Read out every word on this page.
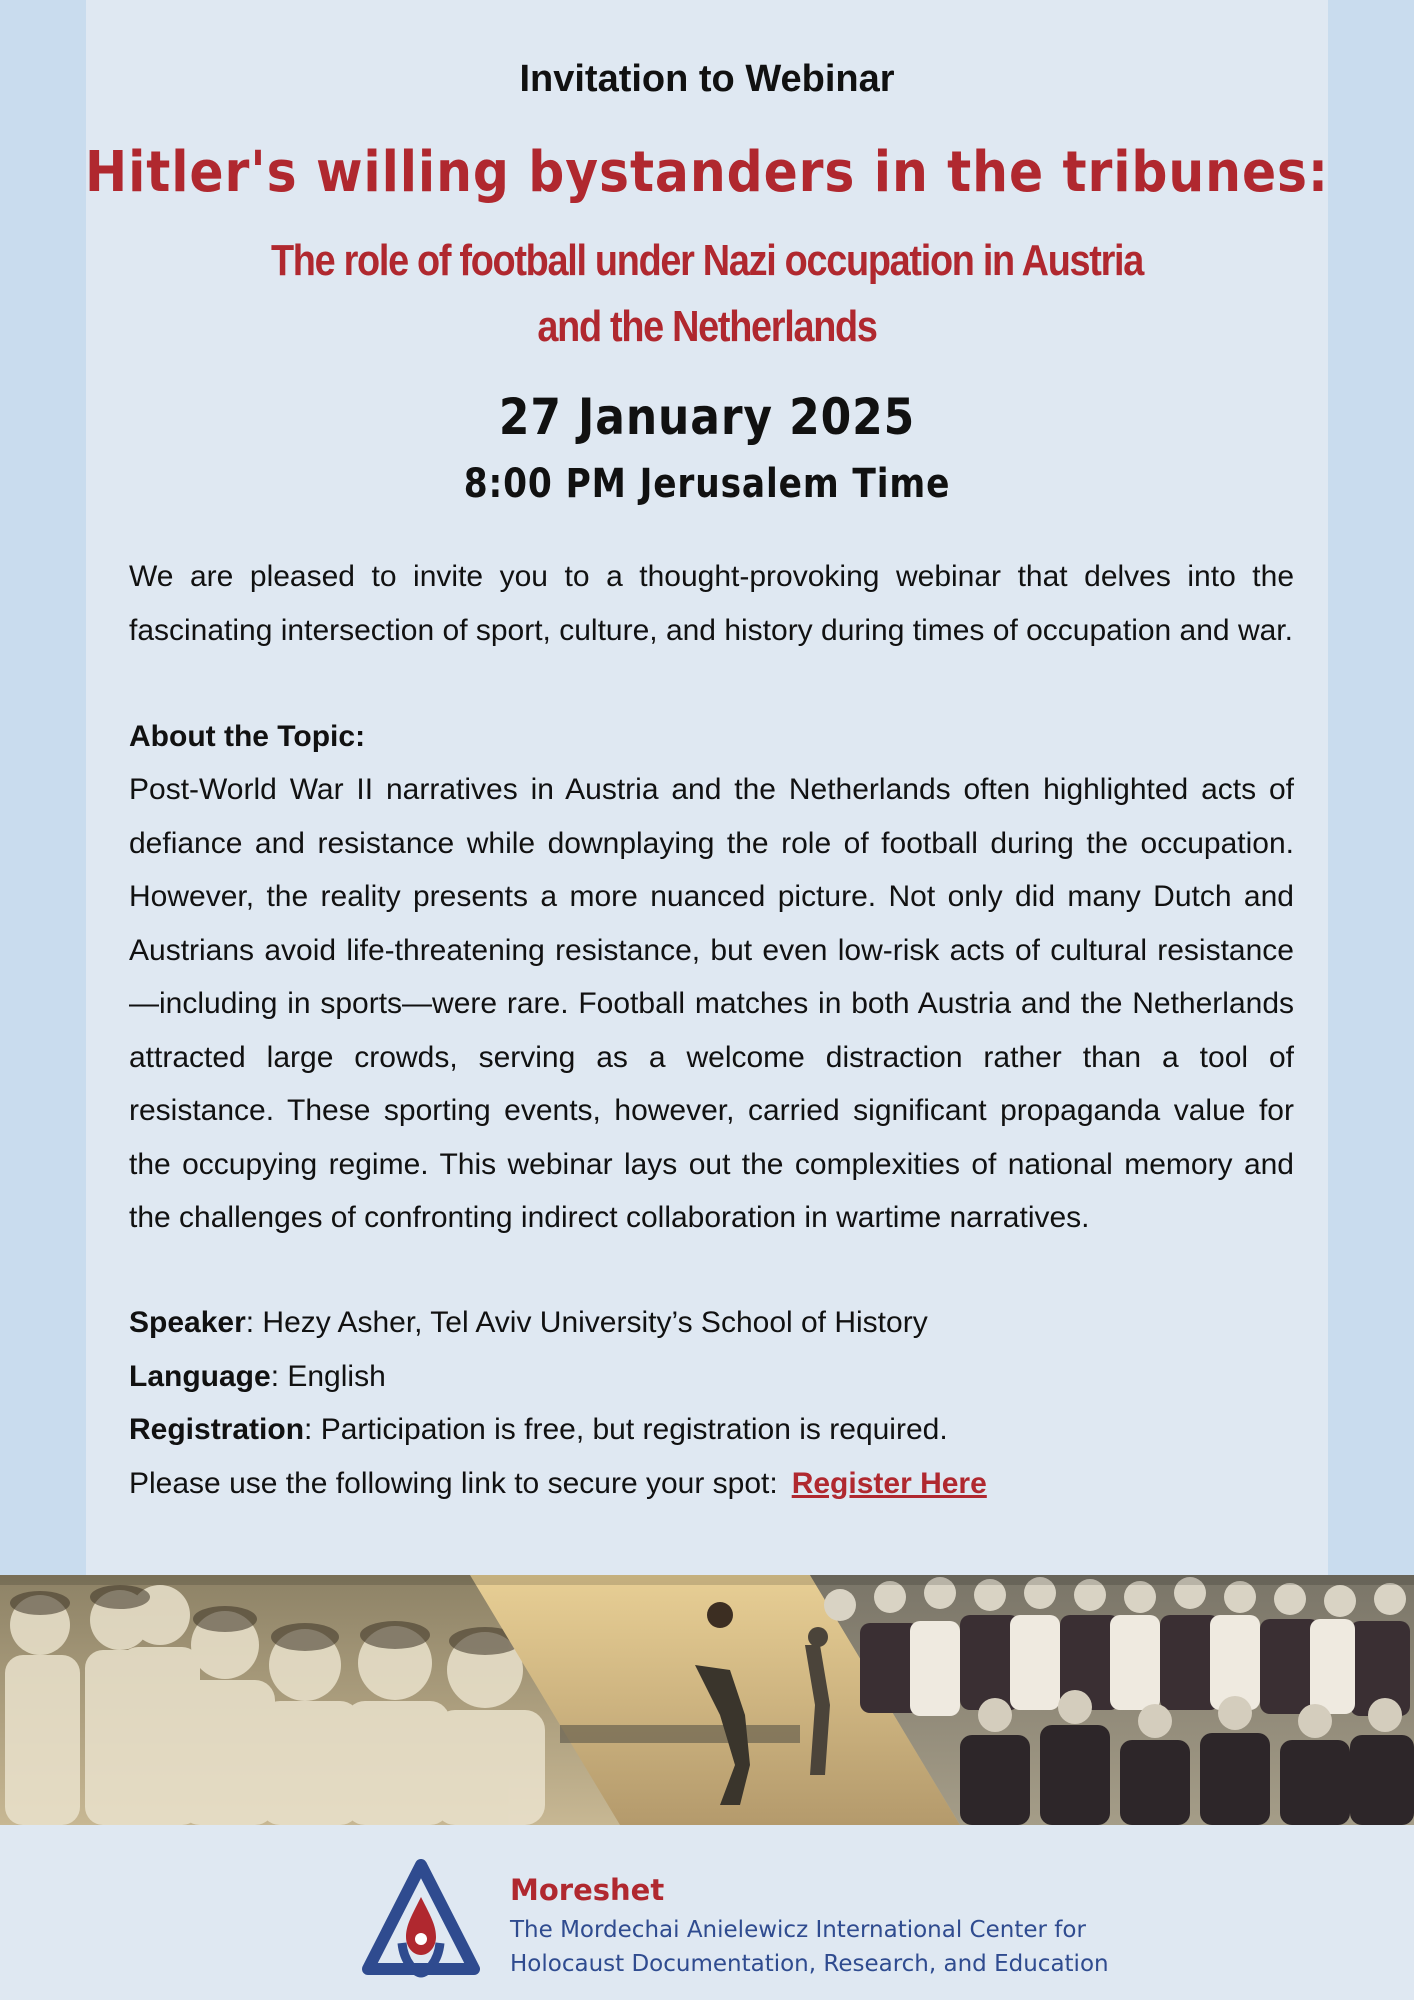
Invitation to Webinar
Hitler's willing bystanders in the tribunes:
The role of football under Nazi occupation in Austria
and the Netherlands
27 January 2025
8:00 PM Jerusalem Time
We are pleased to invite you to a thought-provoking webinar that delves into the fascinating intersection of sport, culture, and history during times of occupation and war.
About the Topic:
Post-World War II narratives in Austria and the Netherlands often highlighted acts of defiance and resistance while downplaying the role of football during the occupation. However, the reality presents a more nuanced picture. Not only did many Dutch and Austrians avoid life-threatening resistance, but even low-risk acts of cultural resistance—including in sports—were rare. Football matches in both Austria and the Netherlands attracted large crowds, serving as a welcome distraction rather than a tool of resistance. These sporting events, however, carried significant propaganda value for the occupying regime. This webinar lays out the complexities of national memory and the challenges of confronting indirect collaboration in wartime narratives.
Speaker: Hezy Asher, Tel Aviv University’s School of History
Language: English
Registration: Participation is free, but registration is required.
Please use the following link to secure your spot: Register Here
Moreshet
The Mordechai Anielewicz International Center for
Holocaust Documentation, Research, and Education
